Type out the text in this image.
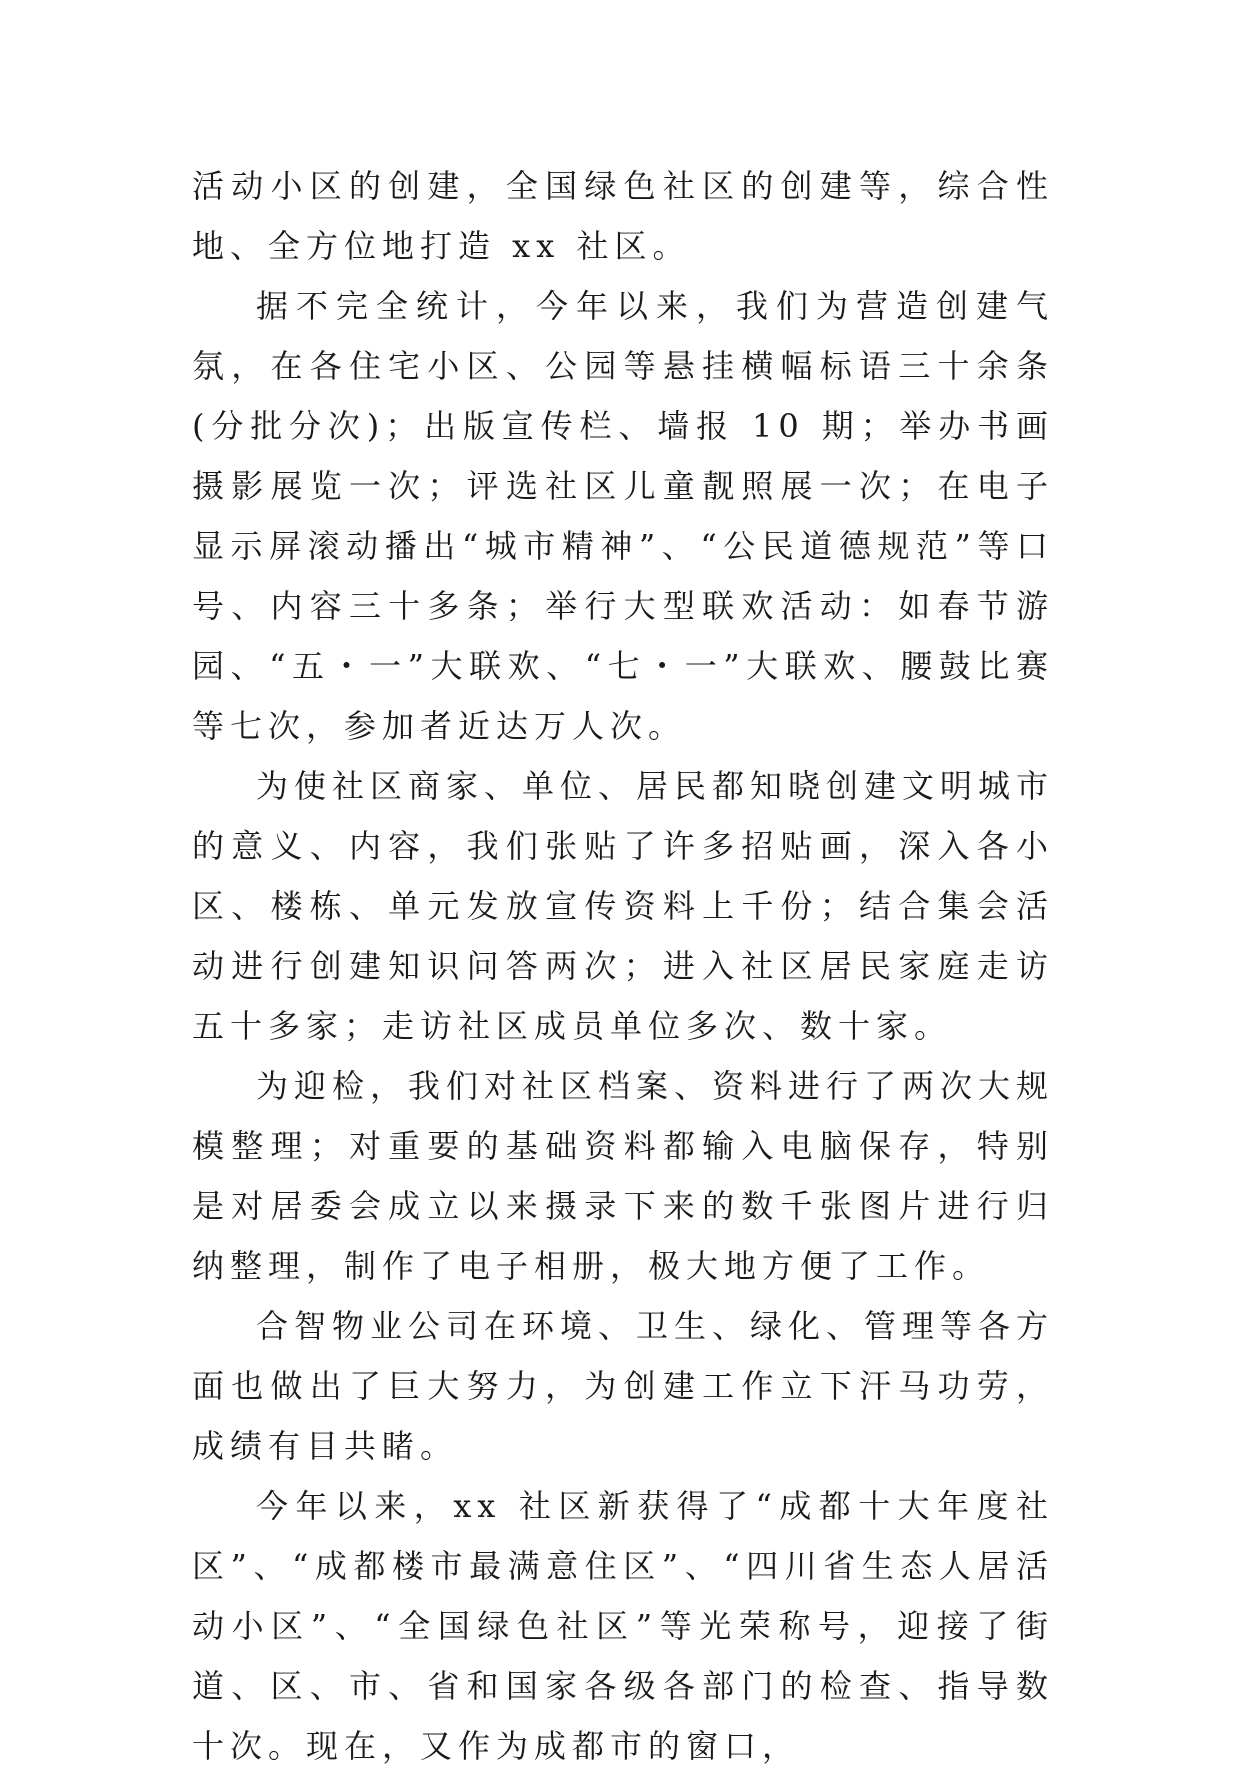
活动小区的创建，全国绿色社区的创建等，综合性地、全方位地打造 xx 社区。

据不完全统计，今年以来，我们为营造创建气氛，在各住宅小区、公园等悬挂横幅标语三十余条(分批分次)；出版宣传栏、墙报 10 期；举办书画摄影展览一次；评选社区儿童靓照展一次；在电子显示屏滚动播出“城市精神”、“公民道德规范”等口号、内容三十多条；举行大型联欢活动：如春节游园、“五・一”大联欢、“七・一”大联欢、腰鼓比赛等七次，参加者近达万人次。

为使社区商家、单位、居民都知晓创建文明城市的意义、内容，我们张贴了许多招贴画，深入各小区、楼栋、单元发放宣传资料上千份；结合集会活动进行创建知识问答两次；进入社区居民家庭走访五十多家；走访社区成员单位多次、数十家。

为迎检，我们对社区档案、资料进行了两次大规模整理；对重要的基础资料都输入电脑保存，特别是对居委会成立以来摄录下来的数千张图片进行归纳整理，制作了电子相册，极大地方便了工作。

合智物业公司在环境、卫生、绿化、管理等各方面也做出了巨大努力，为创建工作立下汗马功劳，成绩有目共睹。

今年以来，xx 社区新获得了“成都十大年度社区”、“成都楼市最满意住区”、“四川省生态人居活动小区”、“全国绿色社区”等光荣称号，迎接了街道、区、市、省和国家各级各部门的检查、指导数十次。现在，又作为成都市的窗口，
